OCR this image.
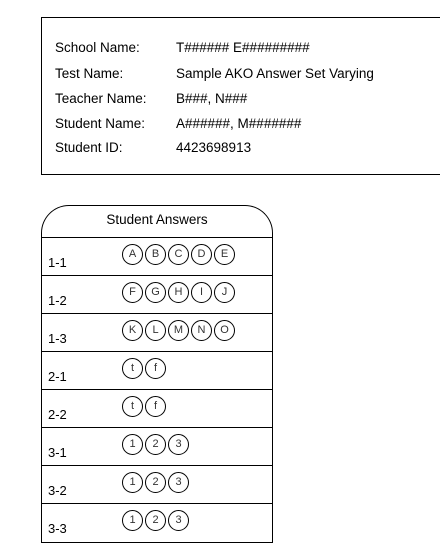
School Name:	T###### E#########
Test Name:	Sample AKO Answer Set Varying
Teacher Name:	B###, N###
Student Name:	A######, M#######
Student ID:	4423698913
Student Answers
1-1
A	B	C	D	E
1-2
F	G	H	I	J
1-3
K	L	M	N	O
2-1
t	f
2-2
t	f
3-1
1	2	3
3-2
1	2	3
3-3
1	2	3
